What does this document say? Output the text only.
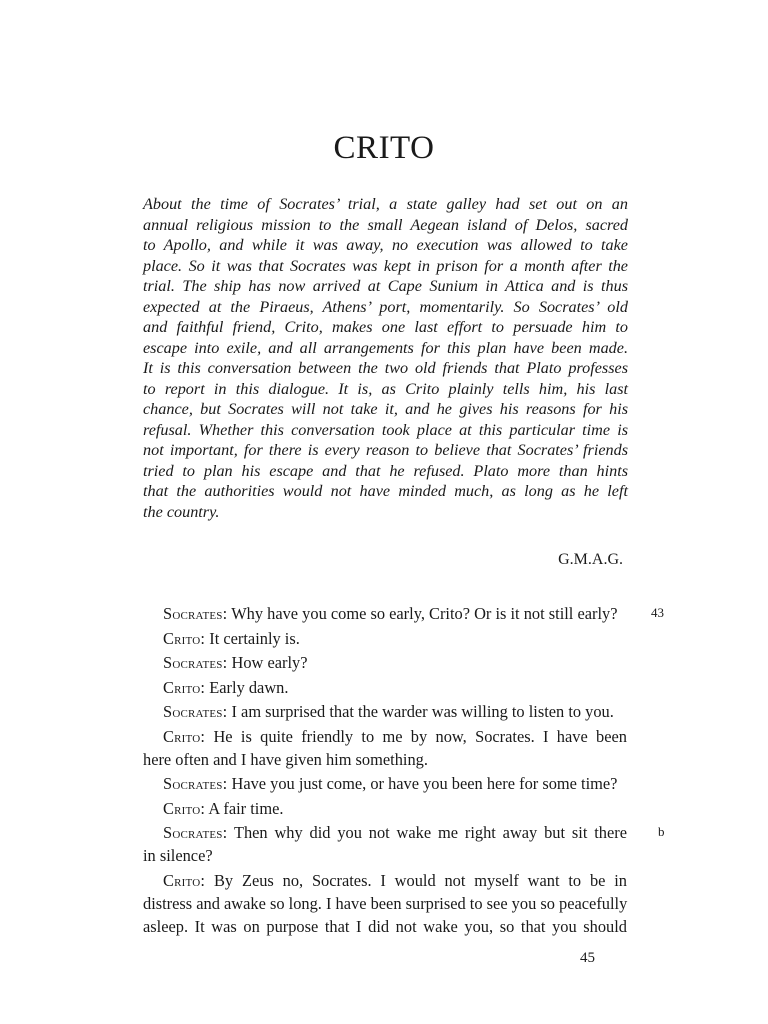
CRITO
About the time of Socrates’ trial, a state galley had set out on an
annual religious mission to the small Aegean island of Delos, sacred
to Apollo, and while it was away, no execution was allowed to take
place. So it was that Socrates was kept in prison for a month after the
trial. The ship has now arrived at Cape Sunium in Attica and is thus
expected at the Piraeus, Athens’ port, momentarily. So Socrates’ old
and faithful friend, Crito, makes one last effort to persuade him to
escape into exile, and all arrangements for this plan have been made.
It is this conversation between the two old friends that Plato professes
to report in this dialogue. It is, as Crito plainly tells him, his last
chance, but Socrates will not take it, and he gives his reasons for his
refusal. Whether this conversation took place at this particular time is
not important, for there is every reason to believe that Socrates’ friends
tried to plan his escape and that he refused. Plato more than hints
that the authorities would not have minded much, as long as he left
the country.
G.M.A.G.

Socrates: Why have you come so early, Crito? Or is it not still early?

Crito: It certainly is.

Socrates: How early?

Crito: Early dawn.

Socrates: I am surprised that the warder was willing to listen to you.

Crito: He is quite friendly to me by now, Socrates. I have been
here often and I have given him something.

Socrates: Have you just come, or have you been here for some time?

Crito: A fair time.

Socrates: Then why did you not wake me right away but sit there
in silence?

Crito: By Zeus no, Socrates. I would not myself want to be in
distress and awake so long. I have been surprised to see you so peacefully
asleep. It was on purpose that I did not wake you, so that you should

43
b
45
